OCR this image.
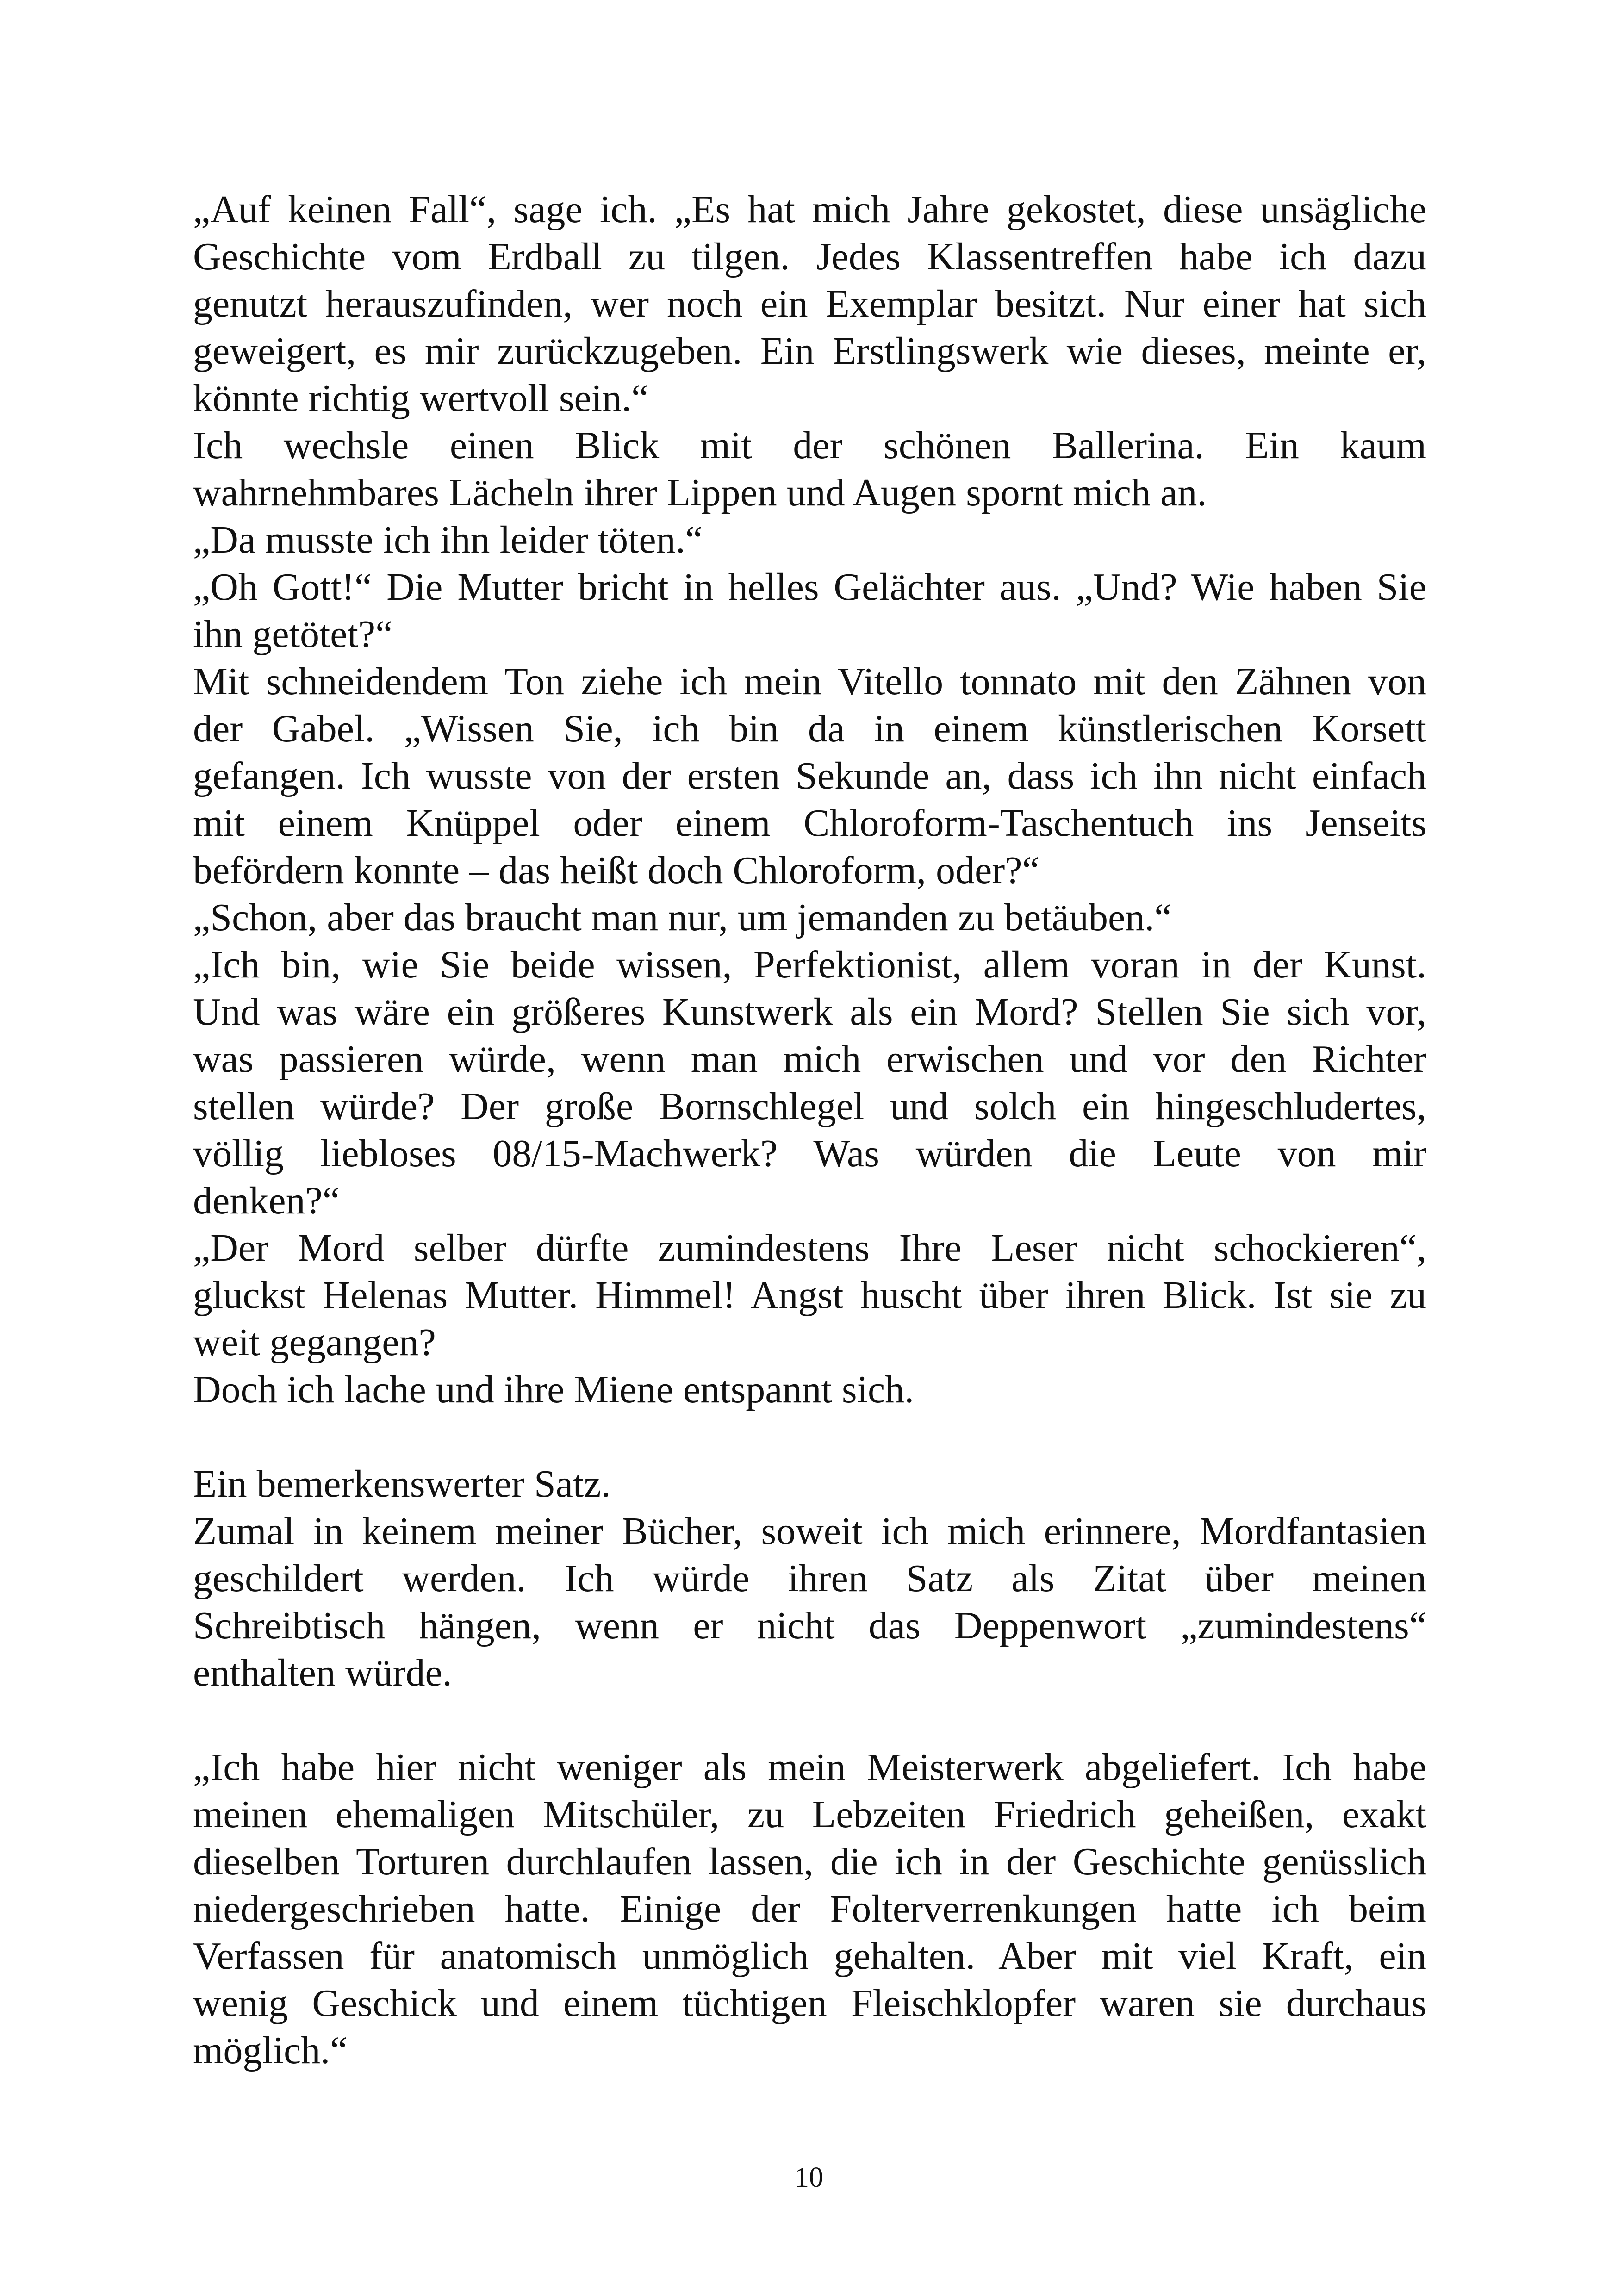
„Auf keinen Fall“, sage ich. „Es hat mich Jahre gekostet, diese unsägliche
Geschichte vom Erdball zu tilgen. Jedes Klassentreffen habe ich dazu
genutzt herauszufinden, wer noch ein Exemplar besitzt. Nur einer hat sich
geweigert, es mir zurückzugeben. Ein Erstlingswerk wie dieses, meinte er,
könnte richtig wertvoll sein.“
Ich wechsle einen Blick mit der schönen Ballerina. Ein kaum
wahrnehmbares Lächeln ihrer Lippen und Augen spornt mich an.
„Da musste ich ihn leider töten.“
„Oh Gott!“ Die Mutter bricht in helles Gelächter aus. „Und? Wie haben Sie
ihn getötet?“
Mit schneidendem Ton ziehe ich mein Vitello tonnato mit den Zähnen von
der Gabel. „Wissen Sie, ich bin da in einem künstlerischen Korsett
gefangen. Ich wusste von der ersten Sekunde an, dass ich ihn nicht einfach
mit einem Knüppel oder einem Chloroform-Taschentuch ins Jenseits
befördern konnte – das heißt doch Chloroform, oder?“
„Schon, aber das braucht man nur, um jemanden zu betäuben.“
„Ich bin, wie Sie beide wissen, Perfektionist, allem voran in der Kunst.
Und was wäre ein größeres Kunstwerk als ein Mord? Stellen Sie sich vor,
was passieren würde, wenn man mich erwischen und vor den Richter
stellen würde? Der große Bornschlegel und solch ein hingeschludertes,
völlig liebloses 08/15-Machwerk? Was würden die Leute von mir
denken?“
„Der Mord selber dürfte zumindestens Ihre Leser nicht schockieren“,
gluckst Helenas Mutter. Himmel! Angst huscht über ihren Blick. Ist sie zu
weit gegangen?
Doch ich lache und ihre Miene entspannt sich.
Ein bemerkenswerter Satz.
Zumal in keinem meiner Bücher, soweit ich mich erinnere, Mordfantasien
geschildert werden. Ich würde ihren Satz als Zitat über meinen
Schreibtisch hängen, wenn er nicht das Deppenwort „zumindestens“
enthalten würde.
„Ich habe hier nicht weniger als mein Meisterwerk abgeliefert. Ich habe
meinen ehemaligen Mitschüler, zu Lebzeiten Friedrich geheißen, exakt
dieselben Torturen durchlaufen lassen, die ich in der Geschichte genüsslich
niedergeschrieben hatte. Einige der Folterverrenkungen hatte ich beim
Verfassen für anatomisch unmöglich gehalten. Aber mit viel Kraft, ein
wenig Geschick und einem tüchtigen Fleischklopfer waren sie durchaus
möglich.“
10
